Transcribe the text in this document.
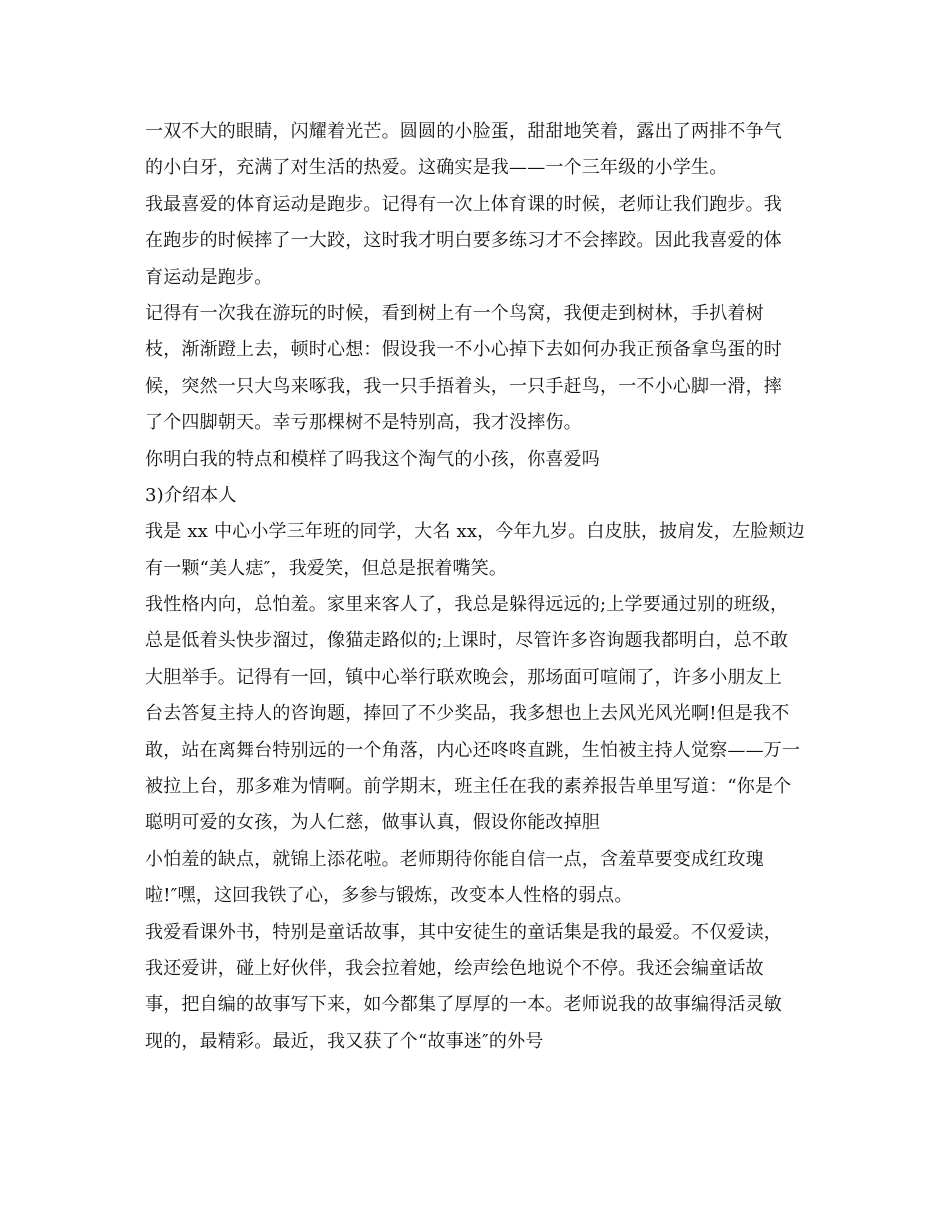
一双不大的眼睛，闪耀着光芒。圆圆的小脸蛋，甜甜地笑着，露出了两排不争气
的小白牙，充满了对生活的热爱。这确实是我——一个三年级的小学生。
我最喜爱的体育运动是跑步。记得有一次上体育课的时候，老师让我们跑步。我
在跑步的时候摔了一大跤，这时我才明白要多练习才不会摔跤。因此我喜爱的体
育运动是跑步。
记得有一次我在游玩的时候，看到树上有一个鸟窝，我便走到树林，手扒着树
枝，渐渐蹬上去，顿时心想：假设我一不小心掉下去如何办我正预备拿鸟蛋的时
候，突然一只大鸟来啄我，我一只手捂着头，一只手赶鸟，一不小心脚一滑，摔
了个四脚朝天。幸亏那棵树不是特别高，我才没摔伤。
你明白我的特点和模样了吗我这个淘气的小孩，你喜爱吗
3)介绍本人
我是 xx 中心小学三年班的同学，大名 xx，今年九岁。白皮肤，披肩发，左脸颊边
有一颗“美人痣″，我爱笑，但总是抿着嘴笑。
我性格内向，总怕羞。家里来客人了，我总是躲得远远的;上学要通过别的班级，
总是低着头快步溜过，像猫走路似的;上课时，尽管许多咨询题我都明白，总不敢
大胆举手。记得有一回，镇中心举行联欢晚会，那场面可喧闹了，许多小朋友上
台去答复主持人的咨询题，捧回了不少奖品，我多想也上去风光风光啊!但是我不
敢，站在离舞台特别远的一个角落，内心还咚咚直跳，生怕被主持人觉察——万一
被拉上台，那多难为情啊。前学期末，班主任在我的素养报告单里写道：“你是个
聪明可爱的女孩，为人仁慈，做事认真，假设你能改掉胆
小怕羞的缺点，就锦上添花啦。老师期待你能自信一点，含羞草要变成红玫瑰
啦!″嘿，这回我铁了心，多参与锻炼，改变本人性格的弱点。
我爱看课外书，特别是童话故事，其中安徒生的童话集是我的最爱。不仅爱读，
我还爱讲，碰上好伙伴，我会拉着她，绘声绘色地说个不停。我还会编童话故
事，把自编的故事写下来，如今都集了厚厚的一本。老师说我的故事编得活灵敏
现的，最精彩。最近，我又获了个“故事迷″的外号
